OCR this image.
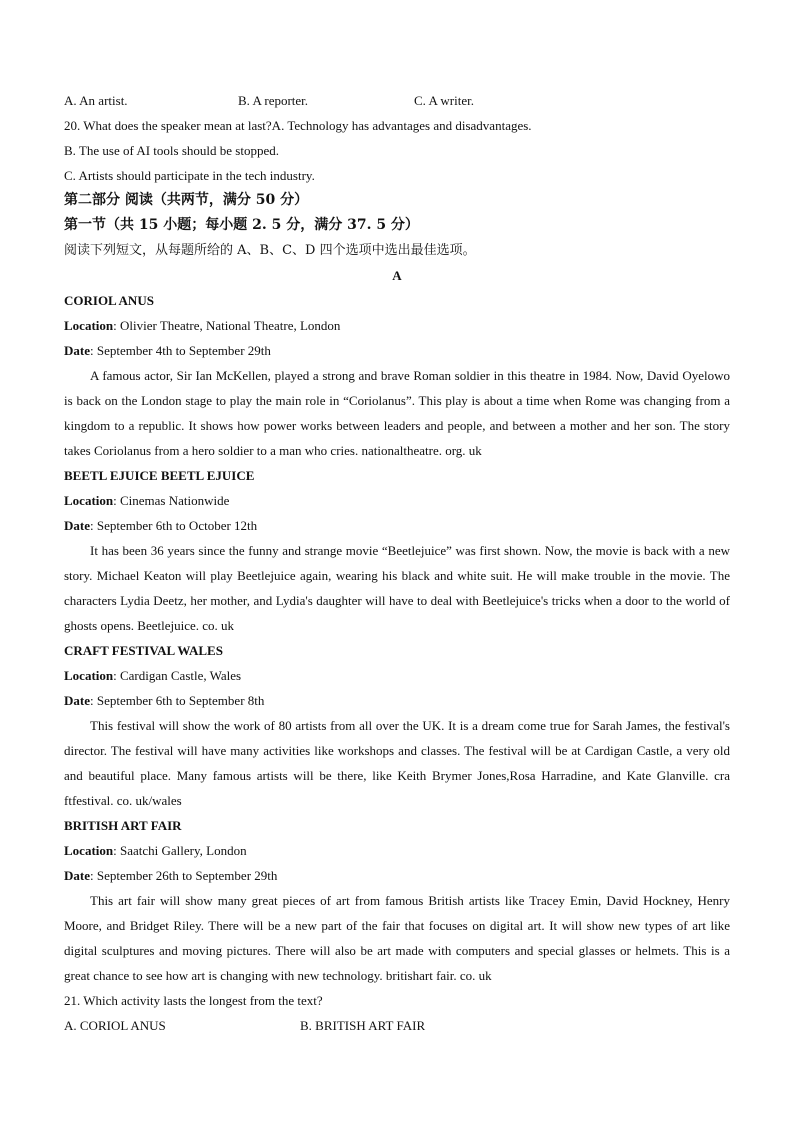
A. An artist.	B. A reporter.	C. A writer.
20. What does the speaker mean at last?A. Technology has advantages and disadvantages.
B. The use of AI tools should be stopped.
C. Artists should participate in the tech industry.
第二部分 阅读（共两节，满分 50 分）
第一节（共 15 小题；每小题 2. 5 分，满分 37. 5 分）
阅读下列短文，从每题所给的 A、B、C、D 四个选项中选出最佳选项。
A
CORIOL ANUS
Location: Olivier Theatre, National Theatre, London
Date: September 4th to September 29th

A famous actor, Sir Ian McKellen, played a strong and brave Roman soldier in this theatre in 1984. Now, David Oyelowo is back on the London stage to play the main role in “Coriolanus”. This play is about a time when Rome was changing from a kingdom to a republic. It shows how power works between leaders and people, and between a mother and her son. The story takes Coriolanus from a hero soldier to a man who cries. nationaltheatre. org. uk

BEETL EJUICE BEETL EJUICE
Location: Cinemas Nationwide
Date: September 6th to October 12th

It has been 36 years since the funny and strange movie “Beetlejuice” was first shown. Now, the movie is back with a new story. Michael Keaton will play Beetlejuice again, wearing his black and white suit. He will make trouble in the movie. The characters Lydia Deetz, her mother, and Lydia's daughter will have to deal with Beetlejuice's tricks when a door to the world of ghosts opens. Beetlejuice. co. uk

CRAFT FESTIVAL WALES
Location: Cardigan Castle, Wales
Date: September 6th to September 8th

This festival will show the work of 80 artists from all over the UK. It is a dream come true for Sarah James, the festival's director. The festival will have many activities like workshops and classes. The festival will be at Cardigan Castle, a very old and beautiful place. Many famous artists will be there, like Keith Brymer Jones,Rosa Harradine, and Kate Glanville. cra ftfestival. co. uk/wales

BRITISH ART FAIR
Location: Saatchi Gallery, London
Date: September 26th to September 29th

This art fair will show many great pieces of art from famous British artists like Tracey Emin, David Hockney, Henry Moore, and Bridget Riley. There will be a new part of the fair that focuses on digital art. It will show new types of art like digital sculptures and moving pictures. There will also be art made with computers and special glasses or helmets. This is a great chance to see how art is changing with new technology. britishart fair. co. uk

21. Which activity lasts the longest from the text?
A. CORIOL ANUS	B. BRITISH ART FAIR
